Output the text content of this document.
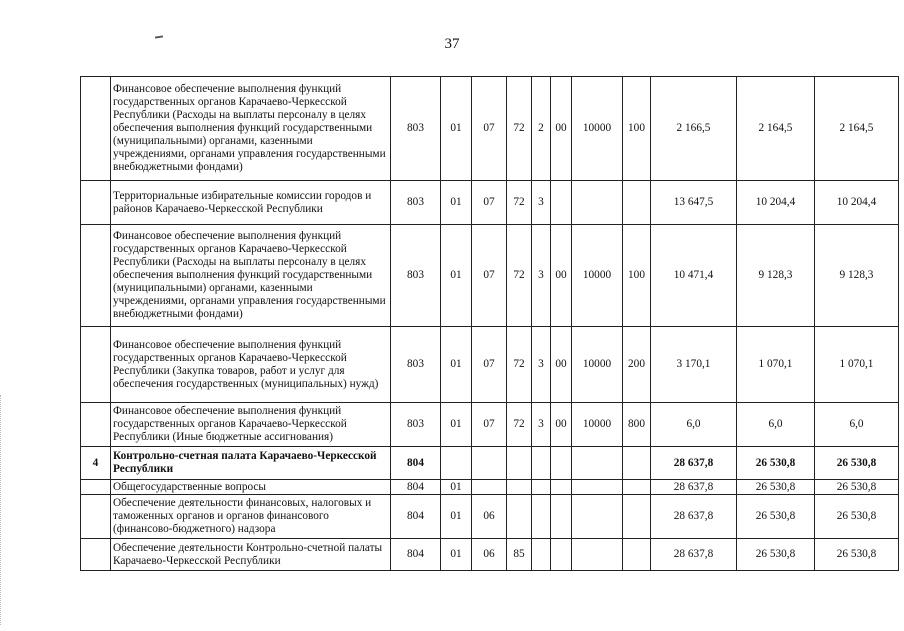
37
	Финансовое обеспечение выполнения функций государственных органов Карачаево-Черкесской Республики (Расходы на выплаты персоналу в целях обеспечения выполнения функций государственными (муниципальными) органами, казенными учреждениями, органами управления государственными внебюджетными фондами)	803	01	07	72	2	00	10000	100	2 166,5	2 164,5	2 164,5
	Территориальные избирательные комиссии городов и районов Карачаево-Черкесской Республики	803	01	07	72	3				13 647,5	10 204,4	10 204,4
	Финансовое обеспечение выполнения функций государственных органов Карачаево-Черкесской Республики (Расходы на выплаты персоналу в целях обеспечения выполнения функций государственными (муниципальными) органами, казенными учреждениями, органами управления государственными внебюджетными фондами)	803	01	07	72	3	00	10000	100	10 471,4	9 128,3	9 128,3
	Финансовое обеспечение выполнения функций государственных органов Карачаево-Черкесской Республики (Закупка товаров, работ и услуг для обеспечения государственных (муниципальных) нужд)	803	01	07	72	3	00	10000	200	3 170,1	1 070,1	1 070,1
	Финансовое обеспечение выполнения функций государственных органов Карачаево-Черкесской Республики (Иные бюджетные ассигнования)	803	01	07	72	3	00	10000	800	6,0	6,0	6,0
4	Контрольно-счетная палата Карачаево-Черкесской Республики	804								28 637,8	26 530,8	26 530,8
	Общегосударственные вопросы	804	01							28 637,8	26 530,8	26 530,8
	Обеспечение деятельности финансовых, налоговых и таможенных органов и органов финансового (финансово-бюджетного) надзора	804	01	06						28 637,8	26 530,8	26 530,8
	Обеспечение деятельности Контрольно-счетной палаты Карачаево-Черкесской Республики	804	01	06	85					28 637,8	26 530,8	26 530,8
